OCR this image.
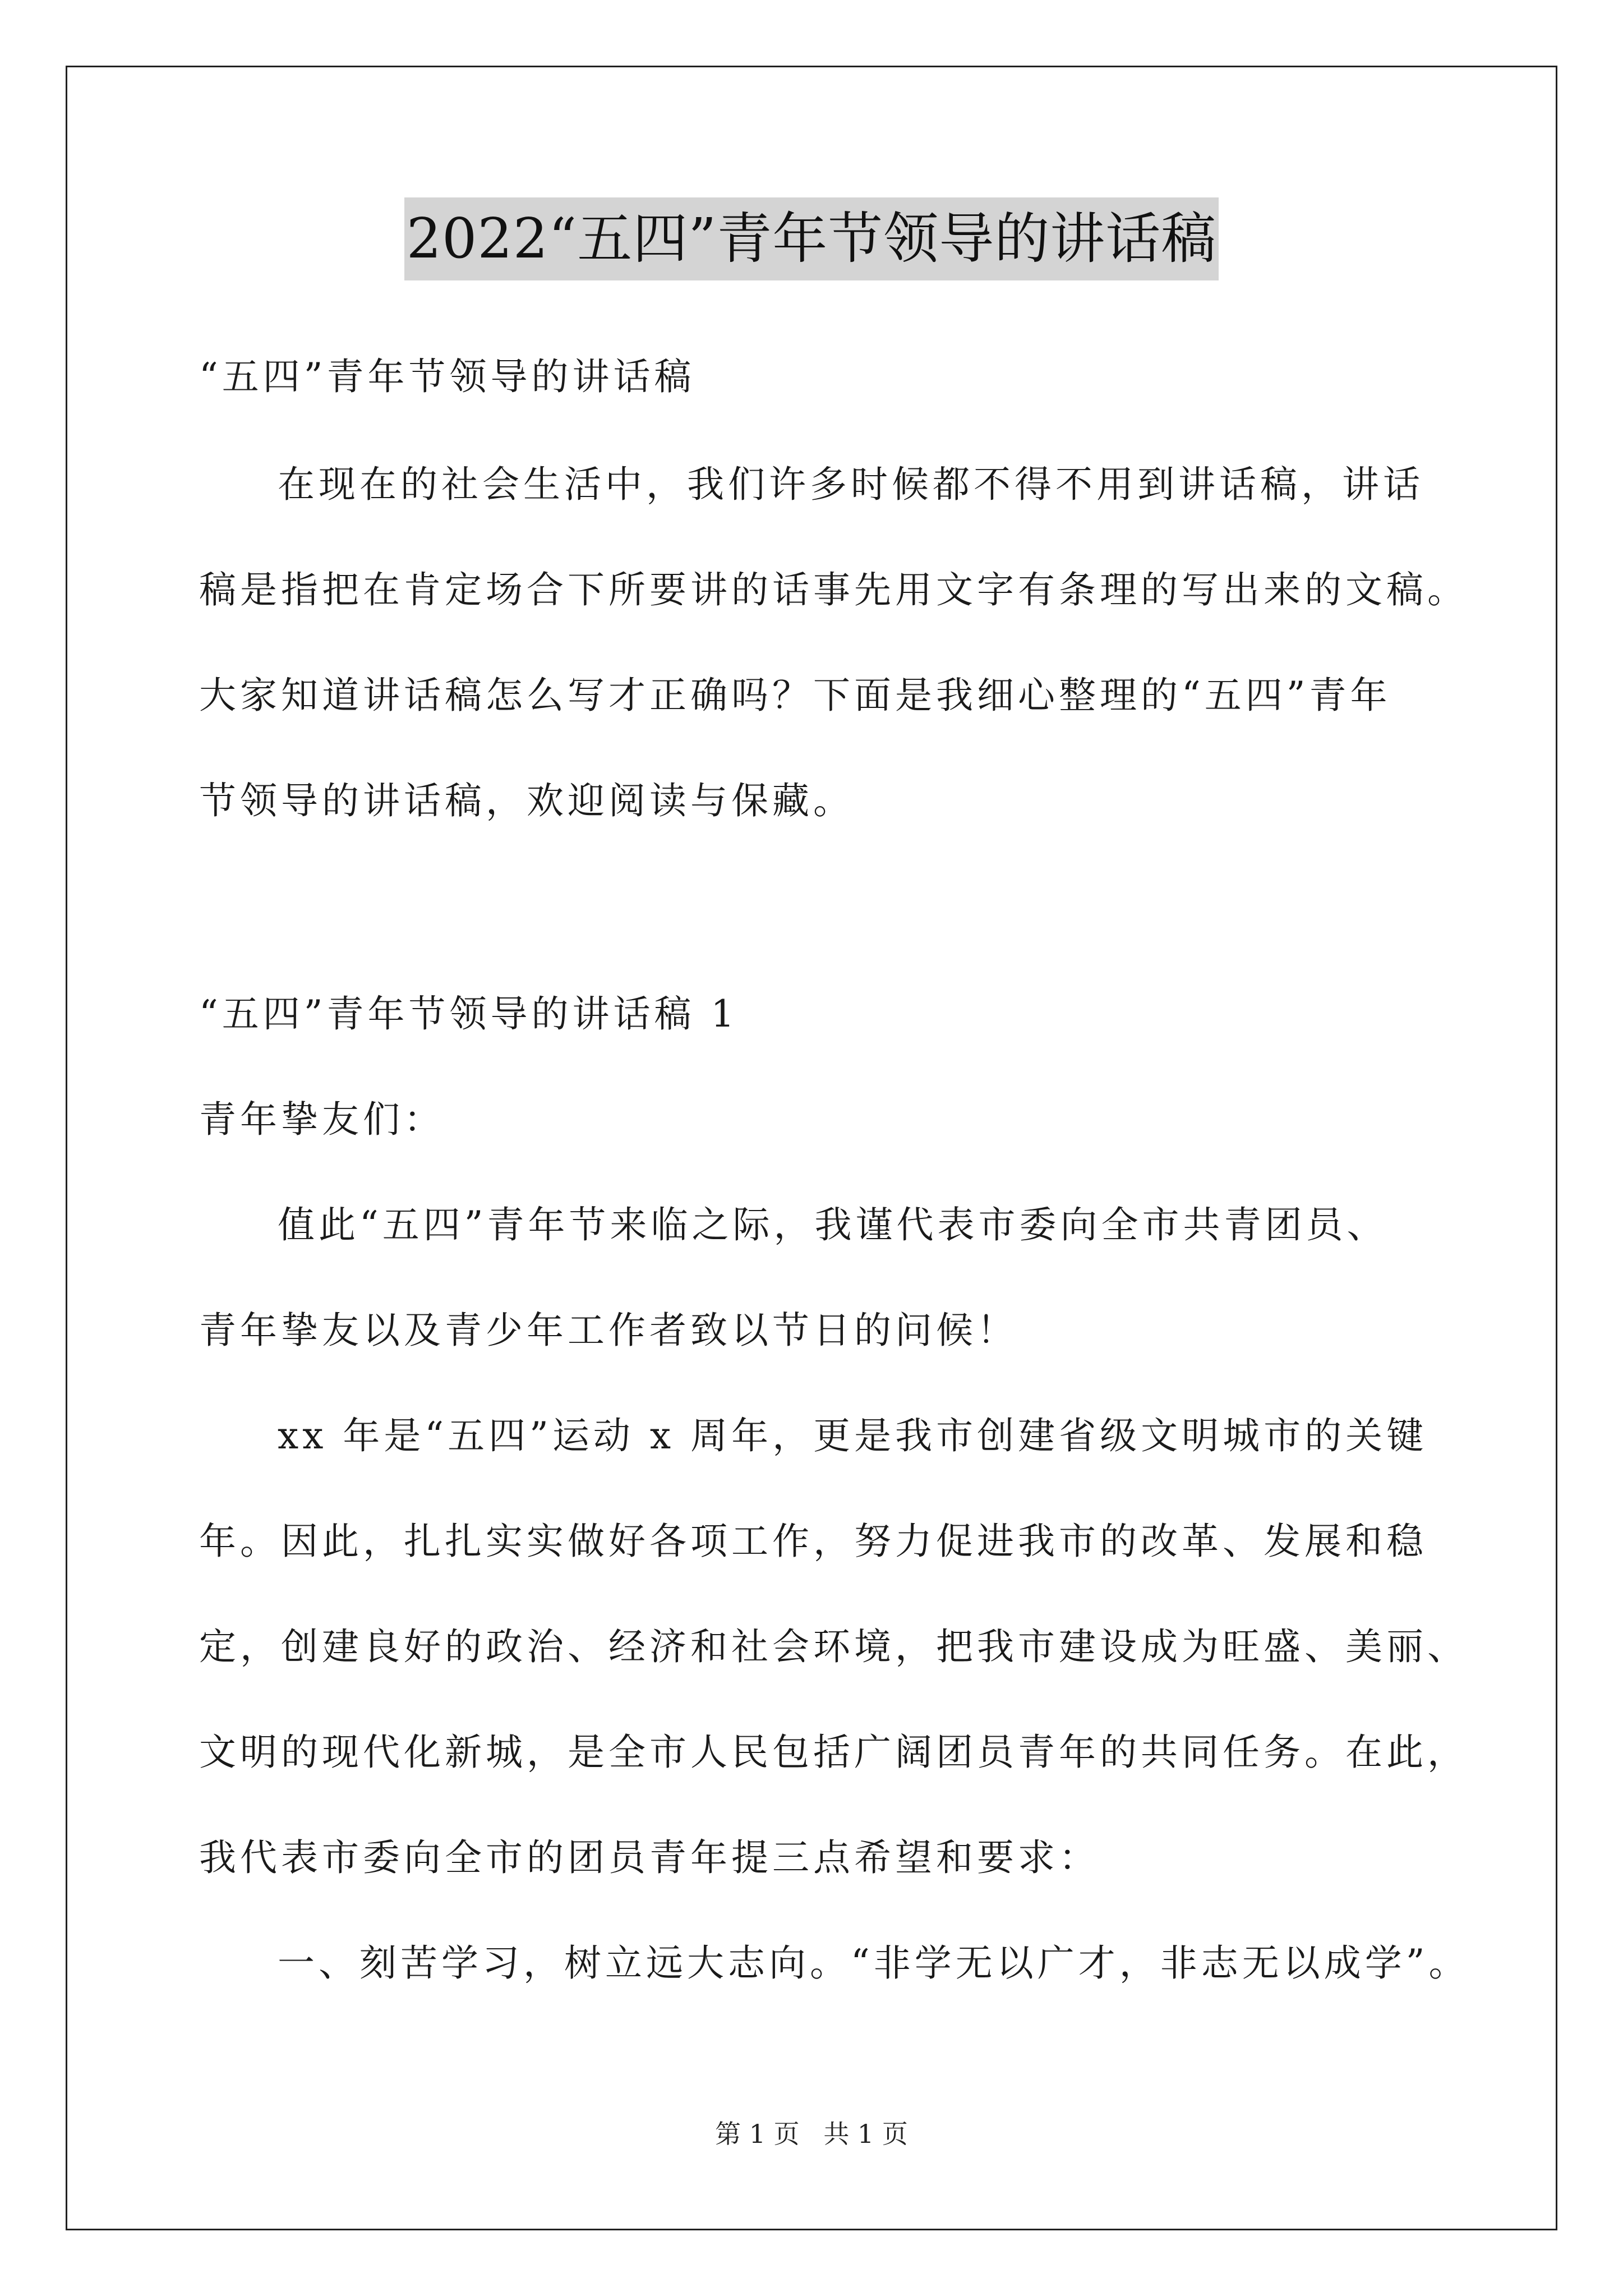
2022“五四”青年节领导的讲话稿
“五四”青年节领导的讲话稿
在现在的社会生活中，我们许多时候都不得不用到讲话稿，讲话
稿是指把在肯定场合下所要讲的话事先用文字有条理的写出来的文稿。
大家知道讲话稿怎么写才正确吗？下面是我细心整理的“五四”青年
节领导的讲话稿，欢迎阅读与保藏。
“五四”青年节领导的讲话稿 1
青年挚友们：
值此“五四”青年节来临之际，我谨代表市委向全市共青团员、
青年挚友以及青少年工作者致以节日的问候！
xx 年是“五四”运动 x 周年，更是我市创建省级文明城市的关键
年。因此，扎扎实实做好各项工作，努力促进我市的改革、发展和稳
定，创建良好的政治、经济和社会环境，把我市建设成为旺盛、美丽、
文明的现代化新城，是全市人民包括广阔团员青年的共同任务。在此，
我代表市委向全市的团员青年提三点希望和要求：
一、刻苦学习，树立远大志向。“非学无以广才，非志无以成学”。
第 1 页 共 1 页
